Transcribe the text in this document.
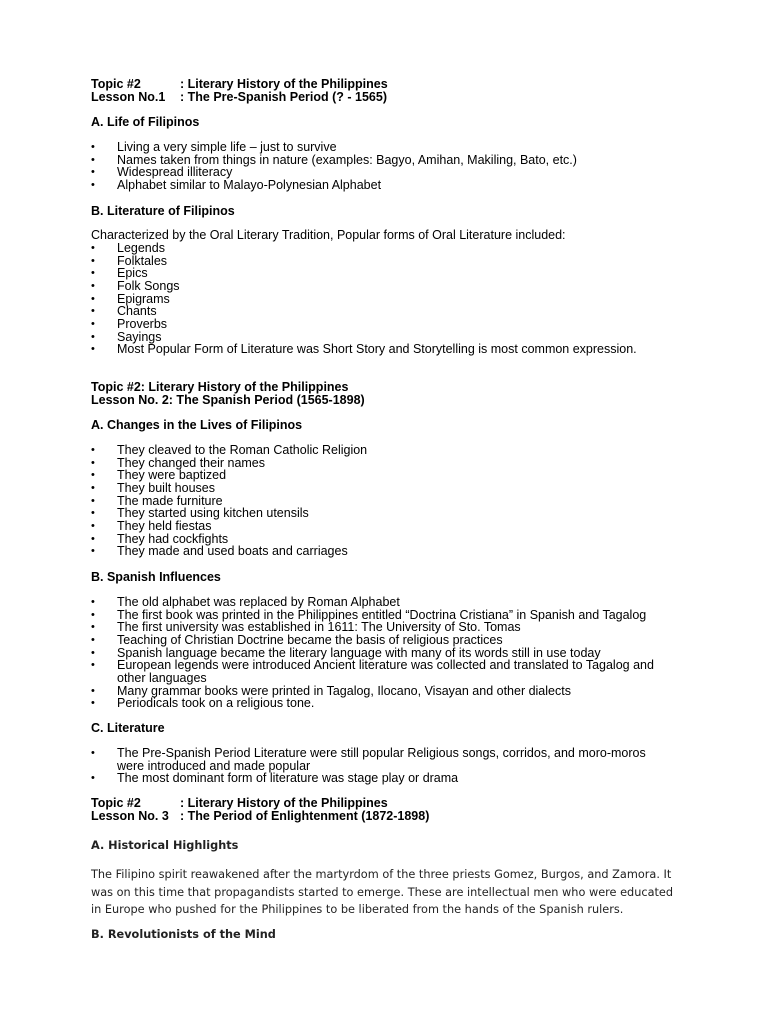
Topic #2	: Literary History of the Philippines
Lesson No.1	: The Pre-Spanish Period (? - 1565)
A. Life of Filipinos
• Living a very simple life – just to survive
• Names taken from things in nature (examples: Bagyo, Amihan, Makiling, Bato, etc.)
• Widespread illiteracy
• Alphabet similar to Malayo-Polynesian Alphabet
B. Literature of Filipinos
Characterized by the Oral Literary Tradition, Popular forms of Oral Literature included:
• Legends
• Folktales
• Epics
• Folk Songs
• Epigrams
• Chants
• Proverbs
• Sayings
• Most Popular Form of Literature was Short Story and Storytelling is most common expression.
Topic #2: Literary History of the Philippines
Lesson No. 2: The Spanish Period (1565-1898)
A. Changes in the Lives of Filipinos
• They cleaved to the Roman Catholic Religion
• They changed their names
• They were baptized
• They built houses
• The made furniture
• They started using kitchen utensils
• They held fiestas
• They had cockfights
• They made and used boats and carriages
B. Spanish Influences
• The old alphabet was replaced by Roman Alphabet
• The first book was printed in the Philippines entitled “Doctrina Cristiana” in Spanish and Tagalog
• The first university was established in 1611: The University of Sto. Tomas
• Teaching of Christian Doctrine became the basis of religious practices
• Spanish language became the literary language with many of its words still in use today
• European legends were introduced Ancient literature was collected and translated to Tagalog and other languages
• Many grammar books were printed in Tagalog, Ilocano, Visayan and other dialects
• Periodicals took on a religious tone.
C. Literature
• The Pre-Spanish Period Literature were still popular Religious songs, corridos, and moro-moros were introduced and made popular
• The most dominant form of literature was stage play or drama
Topic #2	: Literary History of the Philippines
Lesson No. 3 : The Period of Enlightenment (1872-1898)
A. Historical Highlights
The Filipino spirit reawakened after the martyrdom of the three priests Gomez, Burgos, and Zamora. It was on this time that propagandists started to emerge. These are intellectual men who were educated in Europe who pushed for the Philippines to be liberated from the hands of the Spanish rulers.
B. Revolutionists of the Mind
